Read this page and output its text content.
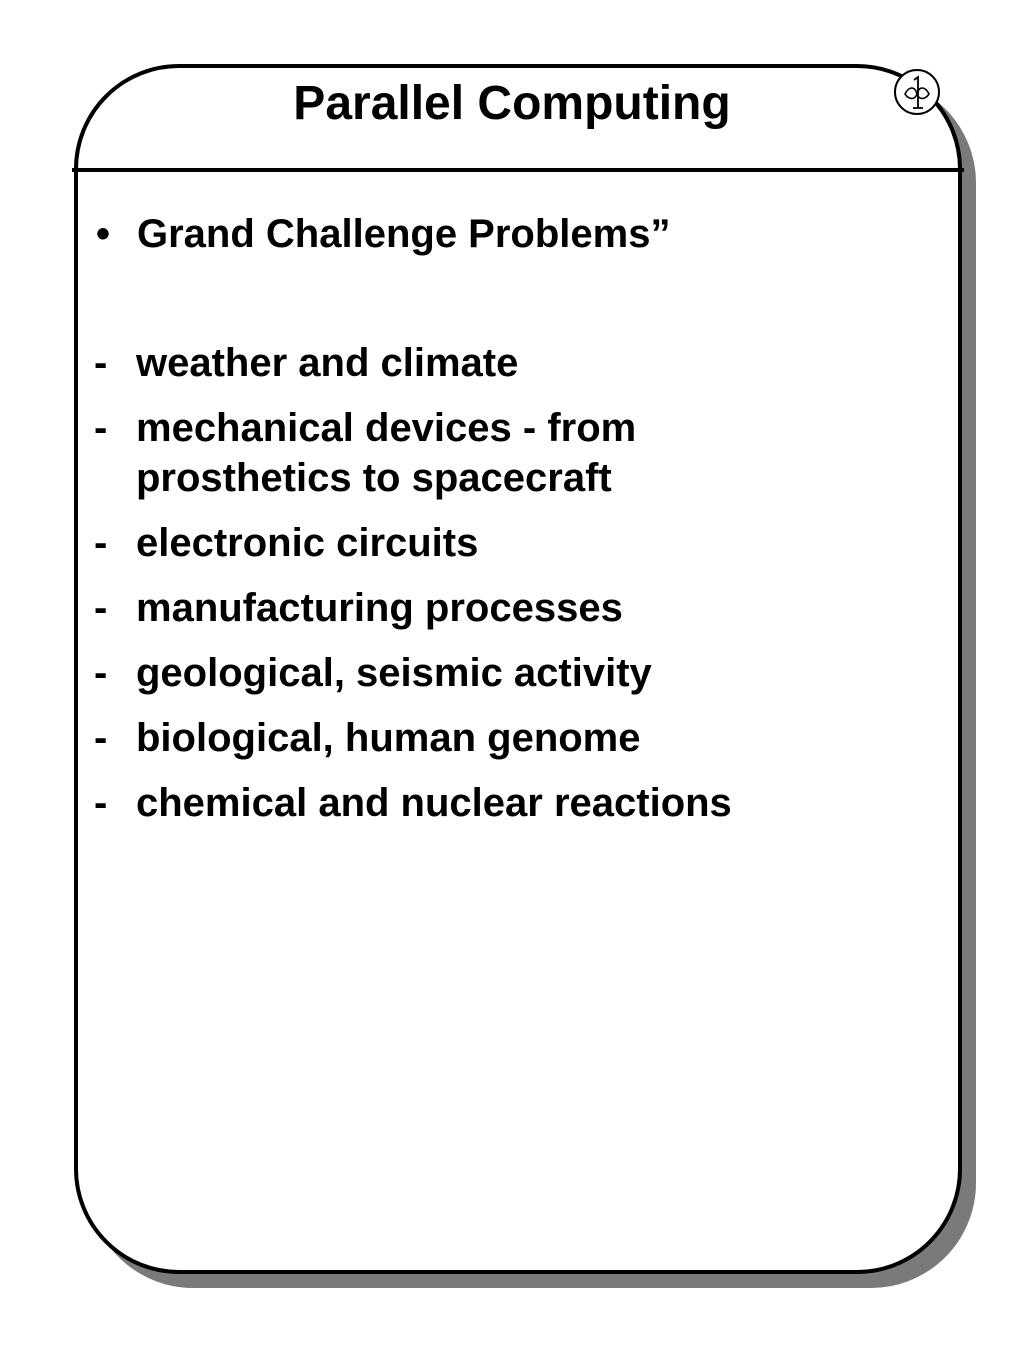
Parallel Computing
• Grand Challenge Problems”
- weather and climate
- mechanical devices - from
prosthetics to spacecraft
- electronic circuits
- manufacturing processes
- geological, seismic activity
- biological, human genome
- chemical and nuclear reactions
